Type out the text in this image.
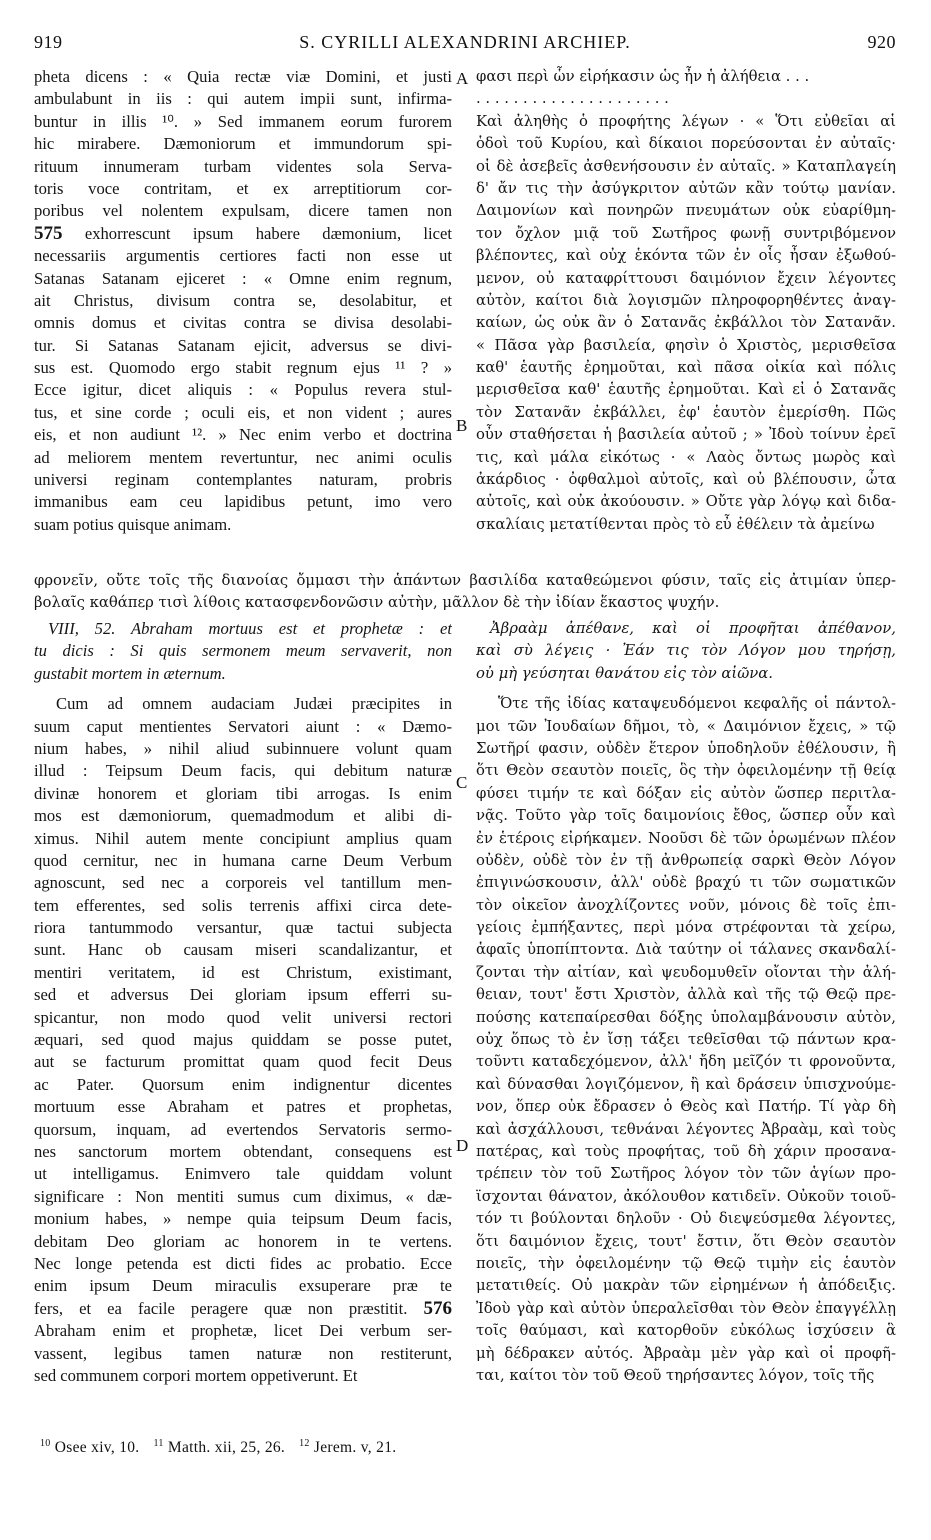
919	S. CYRILLI ALEXANDRINI ARCHIEP.	920
A
B
C
D
pheta dicens : « Quia rectæ viæ Domini, et justi
ambulabunt in iis : qui autem impii sunt, infirma-
buntur in illis ¹⁰. » Sed immanem eorum furorem
hic mirabere. Dæmoniorum et immundorum spi-
rituum innumeram turbam videntes sola Serva-
toris voce contritam, et ex arreptitiorum cor-
poribus vel nolentem expulsam, dicere tamen non
575 exhorrescunt ipsum habere dæmonium, licet
necessariis argumentis certiores facti non esse ut
Satanas Satanam ejiceret : « Omne enim regnum,
ait Christus, divisum contra se, desolabitur, et
omnis domus et civitas contra se divisa desolabi-
tur. Si Satanas Satanam ejicit, adversus se divi-
sus est. Quomodo ergo stabit regnum ejus ¹¹ ? »
Ecce igitur, dicet aliquis : « Populus revera stul-
tus, et sine corde ; oculi eis, et non vident ; aures
eis, et non audiunt ¹². » Nec enim verbo et doctrina
ad meliorem mentem revertuntur, nec animi oculis
universi reginam contemplantes naturam, probris
immanibus eam ceu lapidibus petunt, imo vero
suam potius quisque animam.
φασι περὶ ὧν εἰρήκασιν ὡς ἦν ἡ ἀλήθεια . . .
. . . . . . . . . . . . . . . . . . . . .
Καὶ ἀληθὴς ὁ προφήτης λέγων · « Ὅτι εὐθεῖαι αἱ
ὁδοὶ τοῦ Κυρίου, καὶ δίκαιοι πορεύσονται ἐν αὐταῖς·
οἱ δὲ ἀσεβεῖς ἀσθενήσουσιν ἐν αὐταῖς. » Καταπλαγείη
δ' ἄν τις τὴν ἀσύγκριτον αὐτῶν κἂν τούτῳ μανίαν.
Δαιμονίων καὶ πονηρῶν πνευμάτων οὐκ εὐαρίθμη-
τον ὄχλον μιᾷ τοῦ Σωτῆρος φωνῇ συντριβόμενον
βλέποντες, καὶ οὐχ ἑκόντα τῶν ἐν οἷς ἦσαν ἐξωθού-
μενον, οὐ καταφρίττουσι δαιμόνιον ἔχειν λέγοντες
αὐτὸν, καίτοι διὰ λογισμῶν πληροφορηθέντες ἀναγ-
καίων, ὡς οὐκ ἂν ὁ Σατανᾶς ἐκβάλλοι τὸν Σατανᾶν.
« Πᾶσα γὰρ βασιλεία, φησὶν ὁ Χριστὸς, μερισθεῖσα
καθ' ἑαυτῆς ἐρημοῦται, καὶ πᾶσα οἰκία καὶ πόλις
μερισθεῖσα καθ' ἑαυτῆς ἐρημοῦται. Καὶ εἰ ὁ Σατανᾶς
τὸν Σατανᾶν ἐκβάλλει, ἐφ' ἑαυτὸν ἐμερίσθη. Πῶς
οὖν σταθήσεται ἡ βασιλεία αὐτοῦ ; » Ἰδοὺ τοίνυν ἐρεῖ
τις, καὶ μάλα εἰκότως · « Λαὸς ὄντως μωρὸς καὶ
ἀκάρδιος · ὀφθαλμοὶ αὐτοῖς, καὶ οὐ βλέπουσιν, ὦτα
αὐτοῖς, καὶ οὐκ ἀκούουσιν. » Οὔτε γὰρ λόγῳ καὶ διδα-
σκαλίαις μετατίθενται πρὸς τὸ εὖ ἐθέλειν τὰ ἀμείνω
φρονεῖν, οὔτε τοῖς τῆς διανοίας ὄμμασι τὴν ἁπάντων βασιλίδα καταθεώμενοι φύσιν, ταῖς εἰς ἀτιμίαν ὑπερ-
βολαῖς καθάπερ τισὶ λίθοις κατασφενδονῶσιν αὐτὴν, μᾶλλον δὲ τὴν ἰδίαν ἕκαστος ψυχήν.
VIII, 52. Abraham mortuus est et prophetæ : et
tu dicis : Si quis sermonem meum servaverit, non
gustabit mortem in æternum.
Cum ad omnem audaciam Judæi præcipites in
suum caput mentientes Servatori aiunt : « Dæmo-
nium habes, » nihil aliud subinnuere volunt quam
illud : Teipsum Deum facis, qui debitum naturæ
divinæ honorem et gloriam tibi arrogas. Is enim
mos est dæmoniorum, quemadmodum et alibi di-
ximus. Nihil autem mente concipiunt amplius quam
quod cernitur, nec in humana carne Deum Verbum
agnoscunt, sed nec a corporeis vel tantillum men-
tem efferentes, sed solis terrenis affixi circa dete-
riora tantummodo versantur, quæ tactui subjecta
sunt. Hanc ob causam miseri scandalizantur, et
mentiri veritatem, id est Christum, existimant,
sed et adversus Dei gloriam ipsum efferri su-
spicantur, non modo quod velit universi rectori
æquari, sed quod majus quiddam se posse putet,
aut se facturum promittat quam quod fecit Deus
ac Pater. Quorsum enim indignentur dicentes
mortuum esse Abraham et patres et prophetas,
quorsum, inquam, ad evertendos Servatoris sermo-
nes sanctorum mortem obtendant, consequens est
ut intelligamus. Enimvero tale quiddam volunt
significare : Non mentiti sumus cum diximus, « dæ-
monium habes, » nempe quia teipsum Deum facis,
debitam Deo gloriam ac honorem in te vertens.
Nec longe petenda est dicti fides ac probatio. Ecce
enim ipsum Deum miraculis exsuperare præ te
fers, et ea facile peragere quæ non præstitit. 576
Abraham enim et prophetæ, licet Dei verbum ser-
vassent, legibus tamen naturæ non restiterunt,
sed communem corpori mortem oppetiverunt. Et
Ἀβραὰμ ἀπέθανε, καὶ οἱ προφῆται ἀπέθανον,
καὶ σὺ λέγεις · Ἐάν τις τὸν Λόγον μου τηρήσῃ,
οὐ μὴ γεύσηται θανάτου εἰς τὸν αἰῶνα.
Ὅτε τῆς ἰδίας καταψευδόμενοι κεφαλῆς οἱ πάντολ-
μοι τῶν Ἰουδαίων δῆμοι, τὸ, « Δαιμόνιον ἔχεις, » τῷ
Σωτῆρί φασιν, οὐδὲν ἕτερον ὑποδηλοῦν ἐθέλουσιν, ἢ
ὅτι Θεὸν σεαυτὸν ποιεῖς, ὃς τὴν ὀφειλομένην τῇ θείᾳ
φύσει τιμήν τε καὶ δόξαν εἰς αὐτὸν ὥσπερ περιτλα-
νᾷς. Τοῦτο γὰρ τοῖς δαιμονίοις ἔθος, ὥσπερ οὖν καὶ
ἐν ἑτέροις εἰρήκαμεν. Νοοῦσι δὲ τῶν ὁρωμένων πλέον
οὐδὲν, οὐδὲ τὸν ἐν τῇ ἀνθρωπείᾳ σαρκὶ Θεὸν Λόγον
ἐπιγινώσκουσιν, ἀλλ' οὐδὲ βραχύ τι τῶν σωματικῶν
τὸν οἰκεῖον ἀνοχλίζοντες νοῦν, μόνοις δὲ τοῖς ἐπι-
γείοις ἐμπήξαντες, περὶ μόνα στρέφονται τὰ χείρω,
ἁφαῖς ὑποπίπτοντα. Διὰ ταύτην οἱ τάλανες σκανδαλί-
ζονται τὴν αἰτίαν, καὶ ψευδομυθεῖν οἴονται τὴν ἀλή-
θειαν, τουτ' ἔστι Χριστὸν, ἀλλὰ καὶ τῆς τῷ Θεῷ πρε-
πούσης κατεπαίρεσθαι δόξης ὑπολαμβάνουσιν αὐτὸν,
οὐχ ὅπως τὸ ἐν ἴσῃ τάξει τεθεῖσθαι τῷ πάντων κρα-
τοῦντι καταδεχόμενον, ἀλλ' ἤδη μεῖζόν τι φρονοῦντα,
καὶ δύνασθαι λογιζόμενον, ἢ καὶ δράσειν ὑπισχνούμε-
νον, ὅπερ οὐκ ἔδρασεν ὁ Θεὸς καὶ Πατήρ. Τί γὰρ δὴ
καὶ ἀσχάλλουσι, τεθνάναι λέγοντες Ἀβραὰμ, καὶ τοὺς
πατέρας, καὶ τοὺς προφήτας, τοῦ δὴ χάριν προσανα-
τρέπειν τὸν τοῦ Σωτῆρος λόγον τὸν τῶν ἁγίων προ-
ϊσχονται θάνατον, ἀκόλουθον κατιδεῖν. Οὐκοῦν τοιοῦ-
τόν τι βούλονται δηλοῦν · Οὐ διεψεύσμεθα λέγοντες,
ὅτι δαιμόνιον ἔχεις, τουτ' ἔστιν, ὅτι Θεὸν σεαυτὸν
ποιεῖς, τὴν ὀφειλομένην τῷ Θεῷ τιμὴν εἰς ἑαυτὸν
μετατιθείς. Οὐ μακρὰν τῶν εἰρημένων ἡ ἀπόδειξις.
Ἰδοὺ γὰρ καὶ αὐτὸν ὑπεραλεῖσθαι τὸν Θεὸν ἐπαγγέλλῃ
τοῖς θαύμασι, καὶ κατορθοῦν εὐκόλως ἰσχύσειν ἃ
μὴ δέδρακεν αὐτός. Ἀβραὰμ μὲν γὰρ καὶ οἱ προφῆ-
ται, καίτοι τὸν τοῦ Θεοῦ τηρήσαντες λόγον, τοῖς τῆς
$^{10}$ Osee xiv, 10. $^{11}$ Matth. xii, 25, 26. $^{12}$ Jerem. v, 21.
